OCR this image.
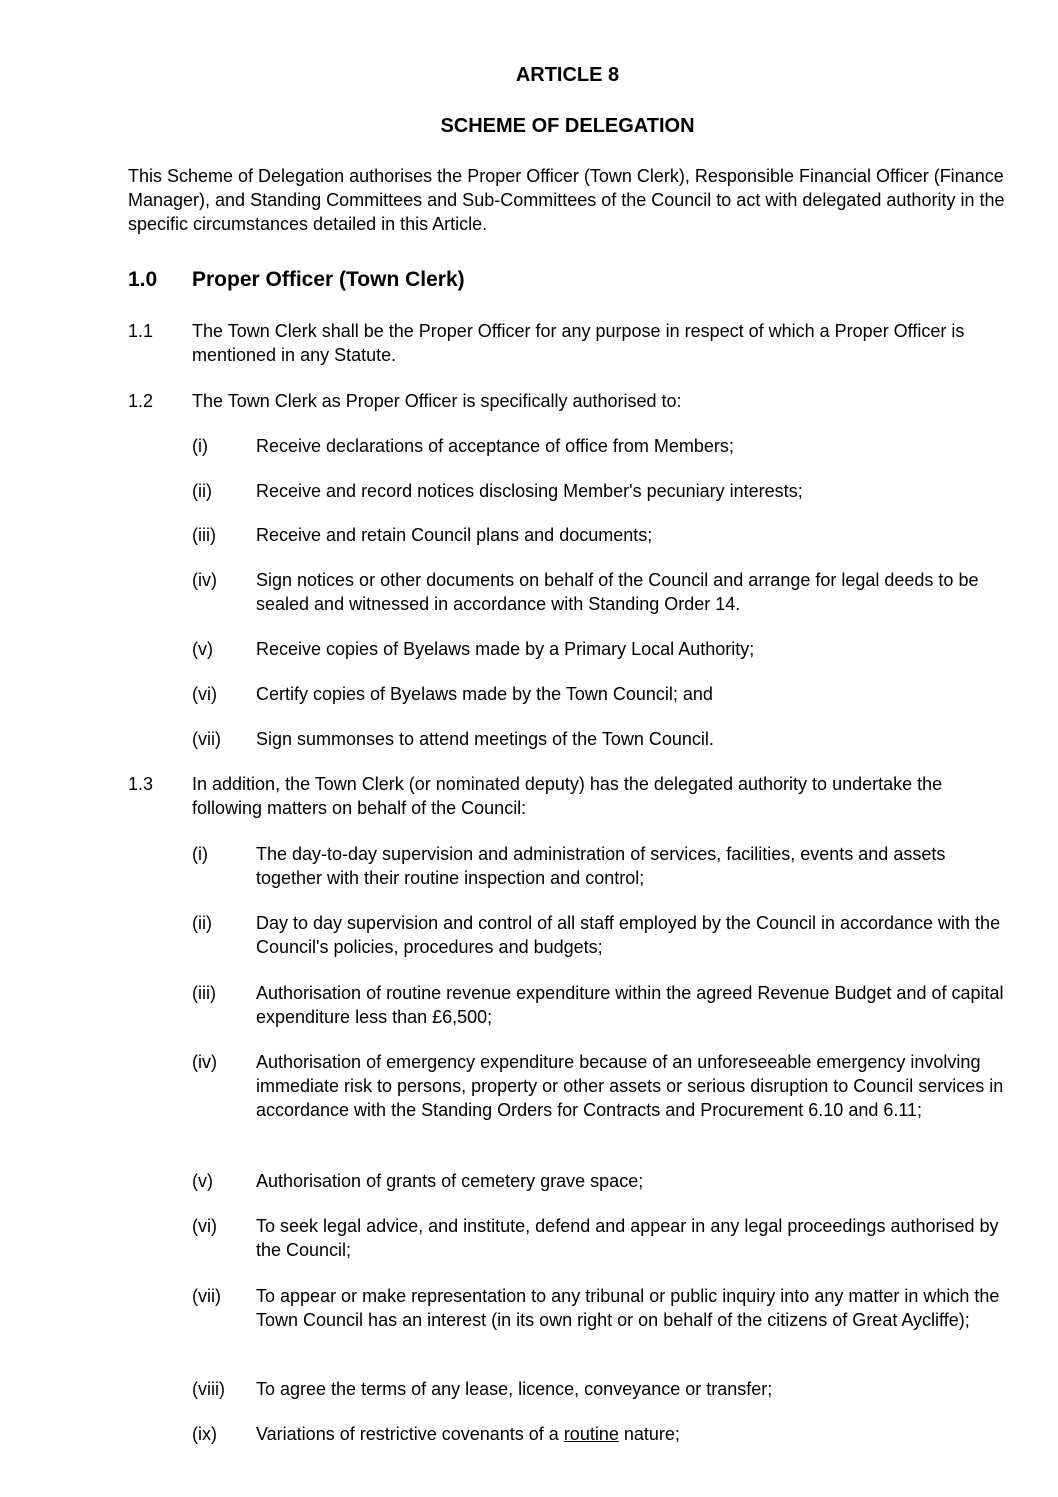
ARTICLE 8
SCHEME OF DELEGATION
This Scheme of Delegation authorises the Proper Officer (Town Clerk), Responsible Financial Officer (Finance Manager), and Standing Committees and Sub-Committees of the Council to act with delegated authority in the specific circumstances detailed in this Article.
1.0 Proper Officer (Town Clerk)
1.1 The Town Clerk shall be the Proper Officer for any purpose in respect of which a Proper Officer is mentioned in any Statute.
1.2 The Town Clerk as Proper Officer is specifically authorised to:
(i)	Receive declarations of acceptance of office from Members;
(ii) Receive and record notices disclosing Member's pecuniary interests;
(iii) Receive and retain Council plans and documents;
(iv) Sign notices or other documents on behalf of the Council and arrange for legal deeds to be sealed and witnessed in accordance with Standing Order 14.
(v) Receive copies of Byelaws made by a Primary Local Authority;
(vi) Certify copies of Byelaws made by the Town Council; and
(vii) Sign summonses to attend meetings of the Town Council.
1.3 In addition, the Town Clerk (or nominated deputy) has the delegated authority to undertake the following matters on behalf of the Council:
(i)	The day-to-day supervision and administration of services, facilities, events and assets together with their routine inspection and control;
(ii) Day to day supervision and control of all staff employed by the Council in accordance with the Council's policies, procedures and budgets;
(iii) Authorisation of routine revenue expenditure within the agreed Revenue Budget and of capital expenditure less than £6,500;
(iv) Authorisation of emergency expenditure because of an unforeseeable emergency involving immediate risk to persons, property or other assets or serious disruption to Council services in accordance with the Standing Orders for Contracts and Procurement 6.10 and 6.11;
(v) Authorisation of grants of cemetery grave space;
(vi) To seek legal advice, and institute, defend and appear in any legal proceedings authorised by the Council;
(vii) To appear or make representation to any tribunal or public inquiry into any matter in which the Town Council has an interest (in its own right or on behalf of the citizens of Great Aycliffe);
(viii) To agree the terms of any lease, licence, conveyance or transfer;
(ix) Variations of restrictive covenants of a routine nature;
